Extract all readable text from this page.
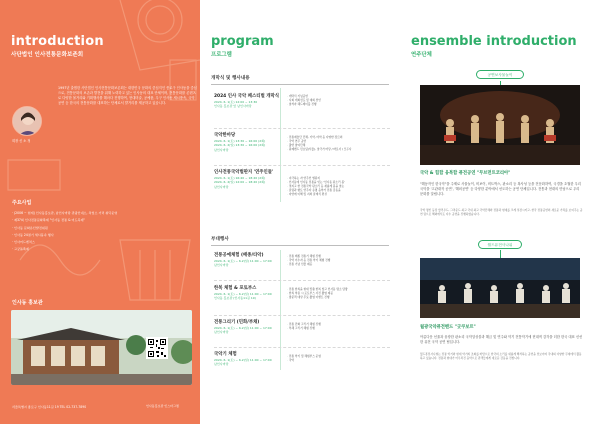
introduction
사단법인 인사전통문화보존회
회장 신 소 정

1997년 출범한 사단법인 인사전통문화보존회는 대한민국 문화의 중심지인 종로구 인사동을 중심으로, 전통문화의 보존과 발전을 위해 노력하고 있는 인사동의 대표 단체이며, 전통문화를 콘텐츠로 다양한 볼거리와 기획행사를 해마다 진행하여, 현대미술, 공예품, 우구 인사동 세시풍속, 국악 공연 등 한국의 전통문화를 대표하는 단체로서 발거리를 제공하고 있습니다.

주요사업
· (2006 ~ 현재) 인사동홍보관, 남인사마당 관광안내소, 치업소 거리 위탁운영
· 제37회 인사전통문화축제 "인사동 전통 & 미도북제"
· 인사동 문화유산발전위원
· 인사동 24절기 세시풍속 행사
· 인사어드벤처스
· 고궁돌축제
인사동 홍보관
서울특별시 종로구 인사동11길 19 TEL 02-737-7890	인사동홍보관 인스타그램
program
프로그램
개막식 및 행사내용
2024 인사 국악 페스티벌 개막식
2024. 6. 1(토) 12:00 ~ 13:30
인사동 홍보관 앞 남인사마당
· 개막식 기념공연
· 사회 개회선포 및 대회 선언
· 참석자 헤드테이블 진행
국악한마당
2024. 6. 1(토) 13:30 ~ 16:00 (2회)
2024. 6. 2(일) 13:30 ~ 16:00 (2회)
남인사마당
· 전통예술단 단체, 기악, 타악 등 다양한 장르의
· 국악 연주 공연
· 출연 참여단체
· 판제밴드 민요팀(서울), 창극가 마당 / 바로사 / 모두사
인사전통국악벌판지 '연주인들'
2024. 6. 1(토) 16:40 ~ 18:20 (2회)
2024. 6. 2(일) 12:00 ~ 18:20 (2회)
남인사마당
· 지극하는 자 연주인 벌판지
· 인사동에 인사동 전통을 잇는 '인사동 판소리 봄'
· 멋지고 한 전통국악 판소리 등 새롭게 봄을 찾는
· 클럽과 향토 연주자 유명 음악가 전통 감동을
· 자연에 이해 및 지의 클래식 편성
부대행사
전통공예체험 (배종/타악)
2024. 6. 1(토) ~ 6.2(일) 11:00 ~ 17:00
남인사마당
· 전통 배종 전통기 체험 진행
· 국악 이수자 등 전통 악기 체험 진행
· 전통 기념 선물 제공
한복 체험 & 포토부스
2024. 6. 1(토) ~ 6.2(일) 11:00 ~ 17:00
인사동 홍보관 (인사동11길 19)
· 전통 한복을 현대 맞춤 한복 입고 인사동 명소 탐방
· 한복 착용 시 포토부스 사진 촬영 제공
· 방문객 대상 무료 촬영 이벤트 진행
전통그리기 (민화/부채)
2024. 6. 1(토) ~ 6.2(일) 11:00 ~ 17:00
남인사마당
· 전통 민화 그리기 체험 진행
· 부채 그리기 체험 진행
국악기 체험
2024. 6. 1(토) ~ 6.2(일) 11:00 ~ 17:00
남인사마당
· 전통 악기 및 체험부스 운영
· 국악
ensemble introduction
연주단체
공연보사물놀이
국악 & 힙합 융복합 퓨전공연 "무브먼트코리아"
"해동작인 한국악"을 주제로 사물놀이, 비보이, 비트박스, 판소리 등 복사성 등을 전문화하여, 국경을 초월한 우리 국악을 '고관대작 공연', '해외공연' 등 다양한 분야에서 선도하는 공연 단체입니다. 전통과 현대의 만남으로 우리 문화를 알립니다.
국악 명인 등장 할리우드, 그라운드 최고 국내 최고 국악단체와 전통과 현대를 크게 성장시키고, 한국 전통공연의 새로운 가치를 보여주는 공연 팀으로 해외에서도 다수 공연을 진행하였습니다.
월드퓨전사나위
월광국악퓨전밴드 "굿쿠보르"
아름다운 선율과 웅장한 판소리 국악앙상블과 해금 및 연주와 악기 전통악기에 현대적 감각을 더한 한국 대표 신선한 퓨전 국악 공연 팀입니다.
월드퓨전사나위는 전통 악기와 현대 악기의 조화를 바탕으로 한국의 소리를 새롭게 해석하는 공연을 선보이며 국내외 다양한 무대에서 활동하고 있습니다. 전통과 현대가 어우러진 음악으로 관객들에게 새로운 감동을 전합니다.
